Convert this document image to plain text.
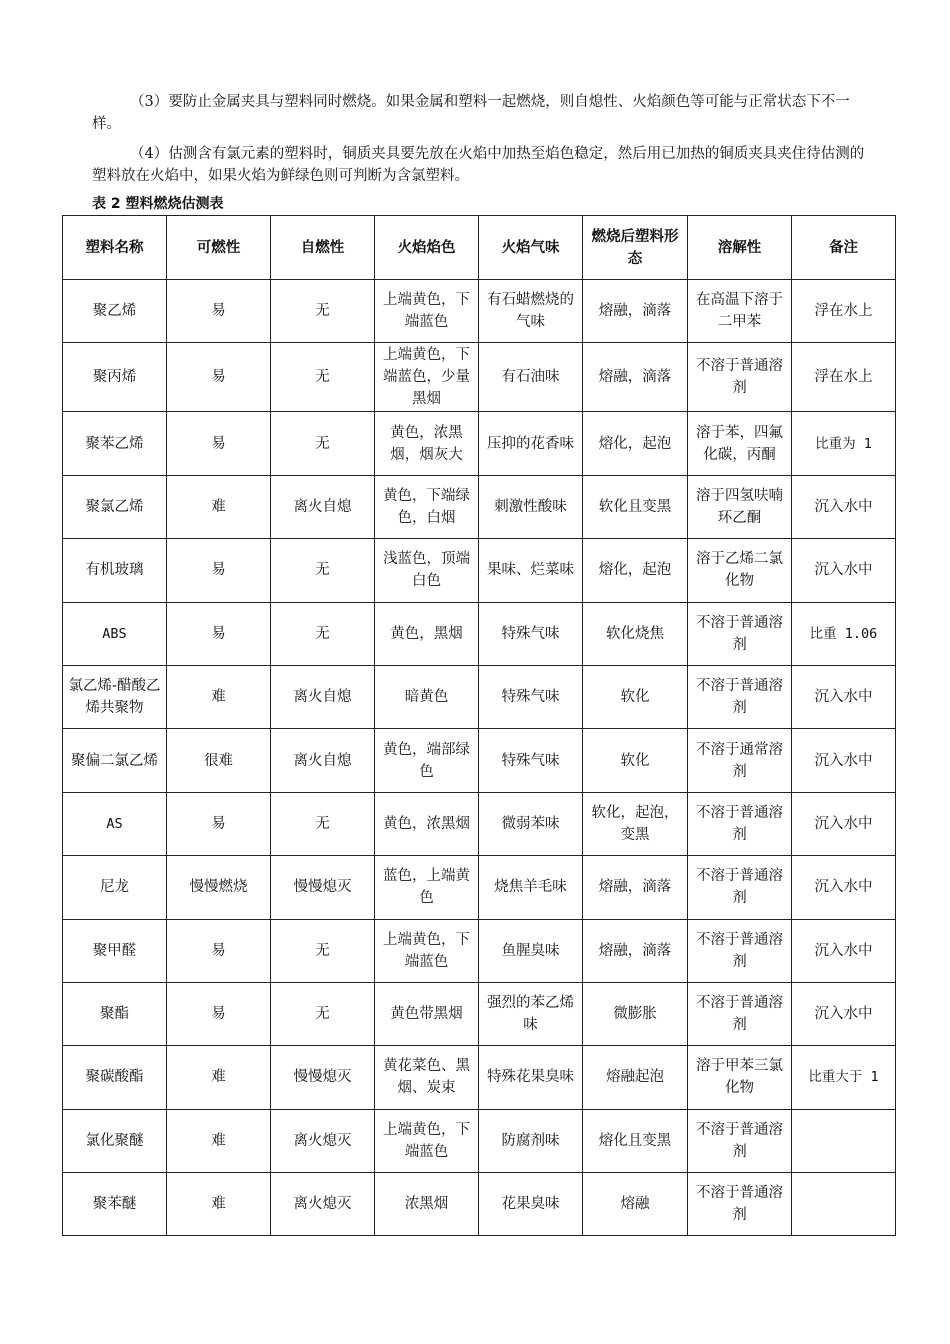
（3）要防止金属夹具与塑料同时燃烧。如果金属和塑料一起燃烧，则自熄性、火焰颜色等可能与正常状态下不一样。

（4）估测含有氯元素的塑料时，铜质夹具要先放在火焰中加热至焰色稳定，然后用已加热的铜质夹具夹住待估测的塑料放在火焰中，如果火焰为鲜绿色则可判断为含氯塑料。

表 2 塑料燃烧估测表

塑料名称	可燃性	自燃性	火焰焰色	火焰气味	燃烧后塑料形态	溶解性	备注
聚乙烯	易	无	上端黄色，下端蓝色	有石蜡燃烧的气味	熔融，滴落	在高温下溶于二甲苯	浮在水上
聚丙烯	易	无	上端黄色，下端蓝色，少量黑烟	有石油味	熔融，滴落	不溶于普通溶剂	浮在水上
聚苯乙烯	易	无	黄色，浓黑烟，烟灰大	压抑的花香味	熔化，起泡	溶于苯，四氟化碳，丙酮	比重为 1
聚氯乙烯	难	离火自熄	黄色，下端绿色，白烟	刺激性酸味	软化且变黑	溶于四氢呋喃环乙酮	沉入水中
有机玻璃	易	无	浅蓝色，顶端白色	果味、烂菜味	熔化，起泡	溶于乙烯二氯化物	沉入水中
ABS	易	无	黄色，黑烟	特殊气味	软化烧焦	不溶于普通溶剂	比重 1.06
氯乙烯-醋酸乙烯共聚物	难	离火自熄	暗黄色	特殊气味	软化	不溶于普通溶剂	沉入水中
聚偏二氯乙烯	很难	离火自熄	黄色，端部绿色	特殊气味	软化	不溶于通常溶剂	沉入水中
AS	易	无	黄色，浓黑烟	微弱苯味	软化，起泡，变黑	不溶于普通溶剂	沉入水中
尼龙	慢慢燃烧	慢慢熄灭	蓝色，上端黄色	烧焦羊毛味	熔融，滴落	不溶于普通溶剂	沉入水中
聚甲醛	易	无	上端黄色，下端蓝色	鱼腥臭味	熔融，滴落	不溶于普通溶剂	沉入水中
聚酯	易	无	黄色带黑烟	强烈的苯乙烯味	微膨胀	不溶于普通溶剂	沉入水中
聚碳酸酯	难	慢慢熄灭	黄花菜色、黑烟、炭束	特殊花果臭味	熔融起泡	溶于甲苯三氯化物	比重大于 1
氯化聚醚	难	离火熄灭	上端黄色，下端蓝色	防腐剂味	熔化且变黑	不溶于普通溶剂	
聚苯醚	难	离火熄灭	浓黑烟	花果臭味	熔融	不溶于普通溶剂	
